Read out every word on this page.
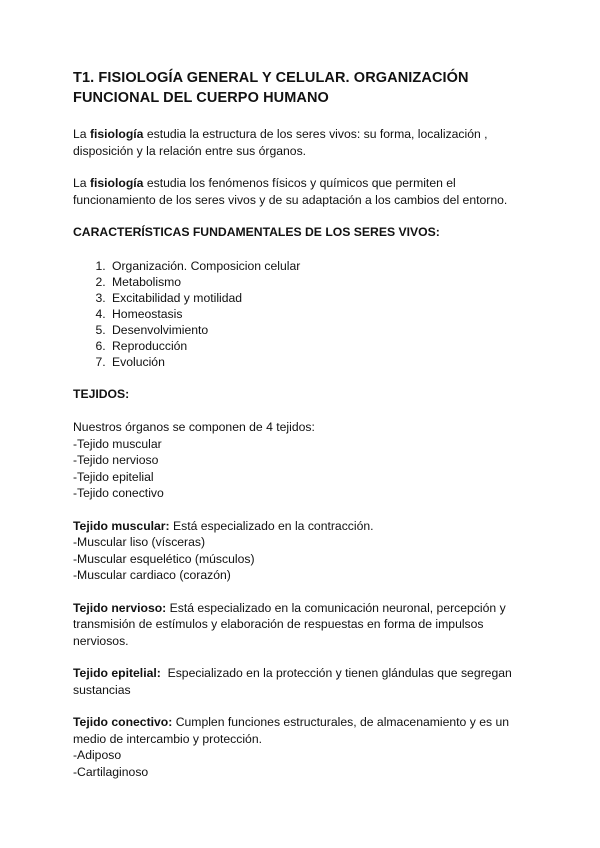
T1. FISIOLOGÍA GENERAL Y CELULAR. ORGANIZACIÓN
FUNCIONAL DEL CUERPO HUMANO

La fisiología estudia la estructura de los seres vivos: su forma, localización , disposición y la relación entre sus órganos.

La fisiología estudia los fenómenos físicos y químicos que permiten el funcionamiento de los seres vivos y de su adaptación a los cambios del entorno.

CARACTERÍSTICAS FUNDAMENTALES DE LOS SERES VIVOS:
1. Organización. Composicion celular
2. Metabolismo
3. Excitabilidad y motilidad
4. Homeostasis
5. Desenvolvimiento
6. Reproducción
7. Evolución
TEJIDOS:
Nuestros órganos se componen de 4 tejidos:
-Tejido muscular
-Tejido nervioso
-Tejido epitelial
-Tejido conectivo
Tejido muscular: Está especializado en la contracción.
-Muscular liso (vísceras)
-Muscular esquelético (músculos)
-Muscular cardiaco (corazón)
Tejido nervioso: Está especializado en la comunicación neuronal, percepción y transmisión de estímulos y elaboración de respuestas en forma de impulsos nerviosos.
Tejido epitelial:  Especializado en la protección y tienen glándulas que segregan sustancias
Tejido conectivo: Cumplen funciones estructurales, de almacenamiento y es un medio de intercambio y protección.
-Adiposo
-Cartilaginoso
